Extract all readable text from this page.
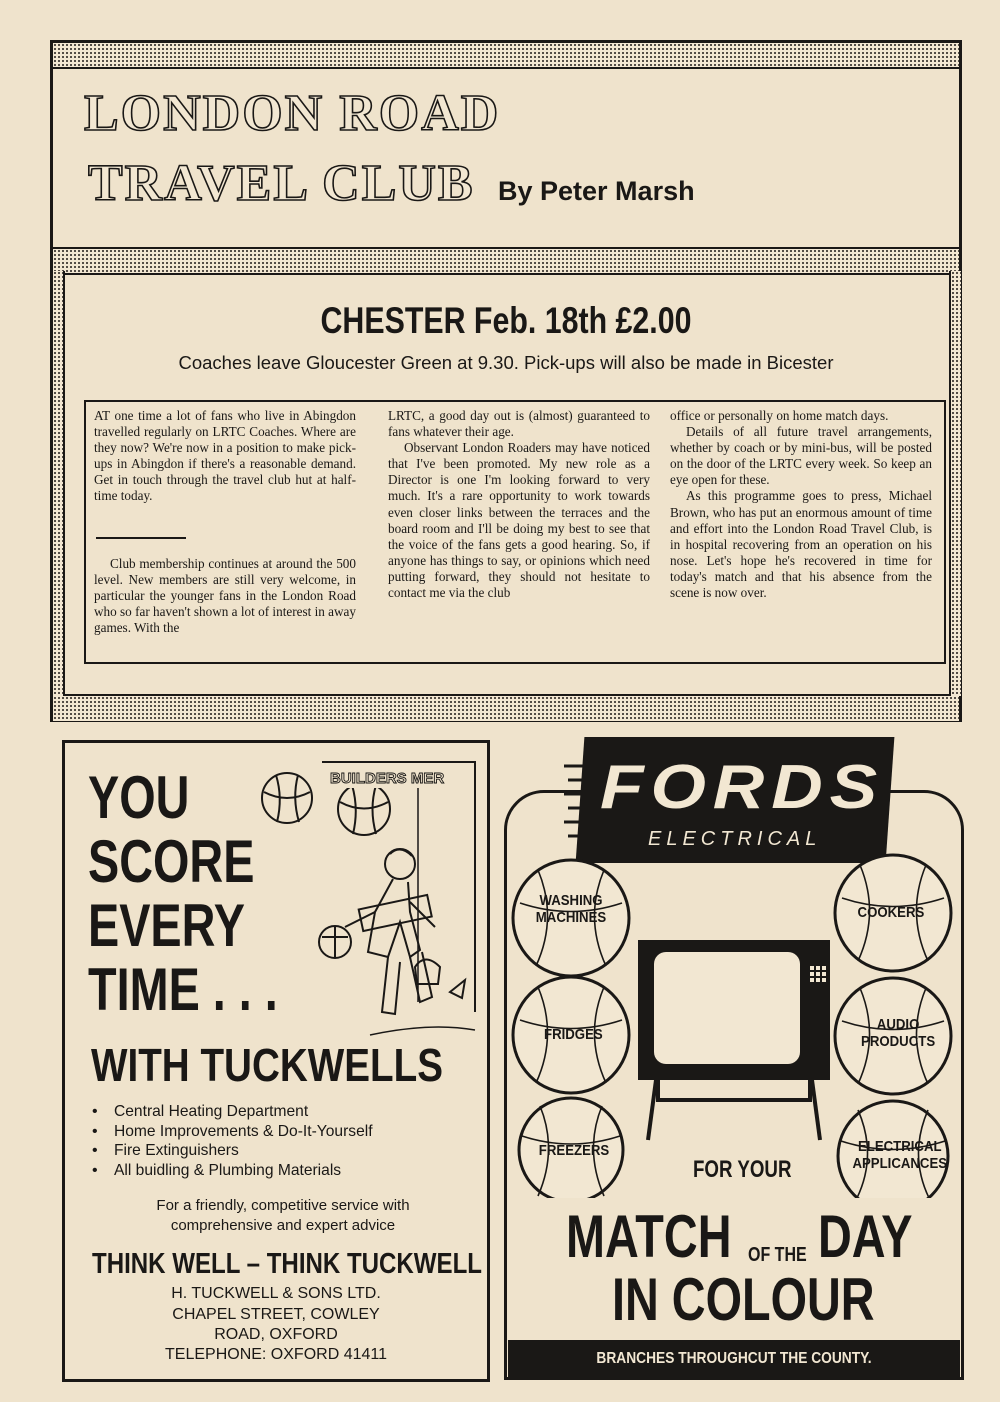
LONDON ROAD
TRAVEL CLUB By Peter Marsh
CHESTER Feb. 18th £2.00
Coaches leave Gloucester Green at 9.30. Pick-ups will also be made in Bicester

AT one time a lot of fans who live in Abingdon travelled regularly on LRTC Coaches. Where are they now? We're now in a position to make pick-ups in Abingdon if there's a reasonable demand. Get in touch through the travel club hut at half-time today.

Club membership continues at around the 500 level. New members are still very welcome, in particular the younger fans in the London Road who so far haven't shown a lot of interest in away games. With the

LRTC, a good day out is (almost) guaranteed to fans whatever their age.

Observant London Roaders may have noticed that I've been promoted. My new role as a Director is one I'm looking forward to very much. It's a rare opportunity to work towards even closer links between the terraces and the board room and I'll be doing my best to see that the voice of the fans gets a good hearing. So, if anyone has things to say, or opinions which need putting forward, they should not hesitate to contact me via the club

office or personally on home match days.

Details of all future travel arrangements, whether by coach or by mini-bus, will be posted on the door of the LRTC every week. So keep an eye open for these.

As this programme goes to press, Michael Brown, who has put an enormous amount of time and effort into the London Road Travel Club, is in hospital recovering from an operation on his nose. Let's hope he's recovered in time for today's match and that his absence from the scene is now over.

YOU
SCORE
EVERY
TIME . . .
BUILDERS MER
WITH TUCKWELLS
• Central Heating Department
• Home Improvements & Do-It-Yourself
• Fire Extinguishers
• All buidling & Plumbing Materials
For a friendly, competitive service with
comprehensive and expert advice
THINK WELL – THINK TUCKWELL
H. TUCKWELL & SONS LTD.
CHAPEL STREET, COWLEY
ROAD, OXFORD
TELEPHONE: OXFORD 41411
FORDS
ELECTRICAL
WASHING
MACHINES	COOKERS
FRIDGES
AUDIO
PRODUCTS
FREEZERS	ELECTRICAL
APPLICANCES
FOR YOUR
MATCH OF THE DAY
IN COLOUR
BRANCHES THROUGHCUT THE COUNTY.
